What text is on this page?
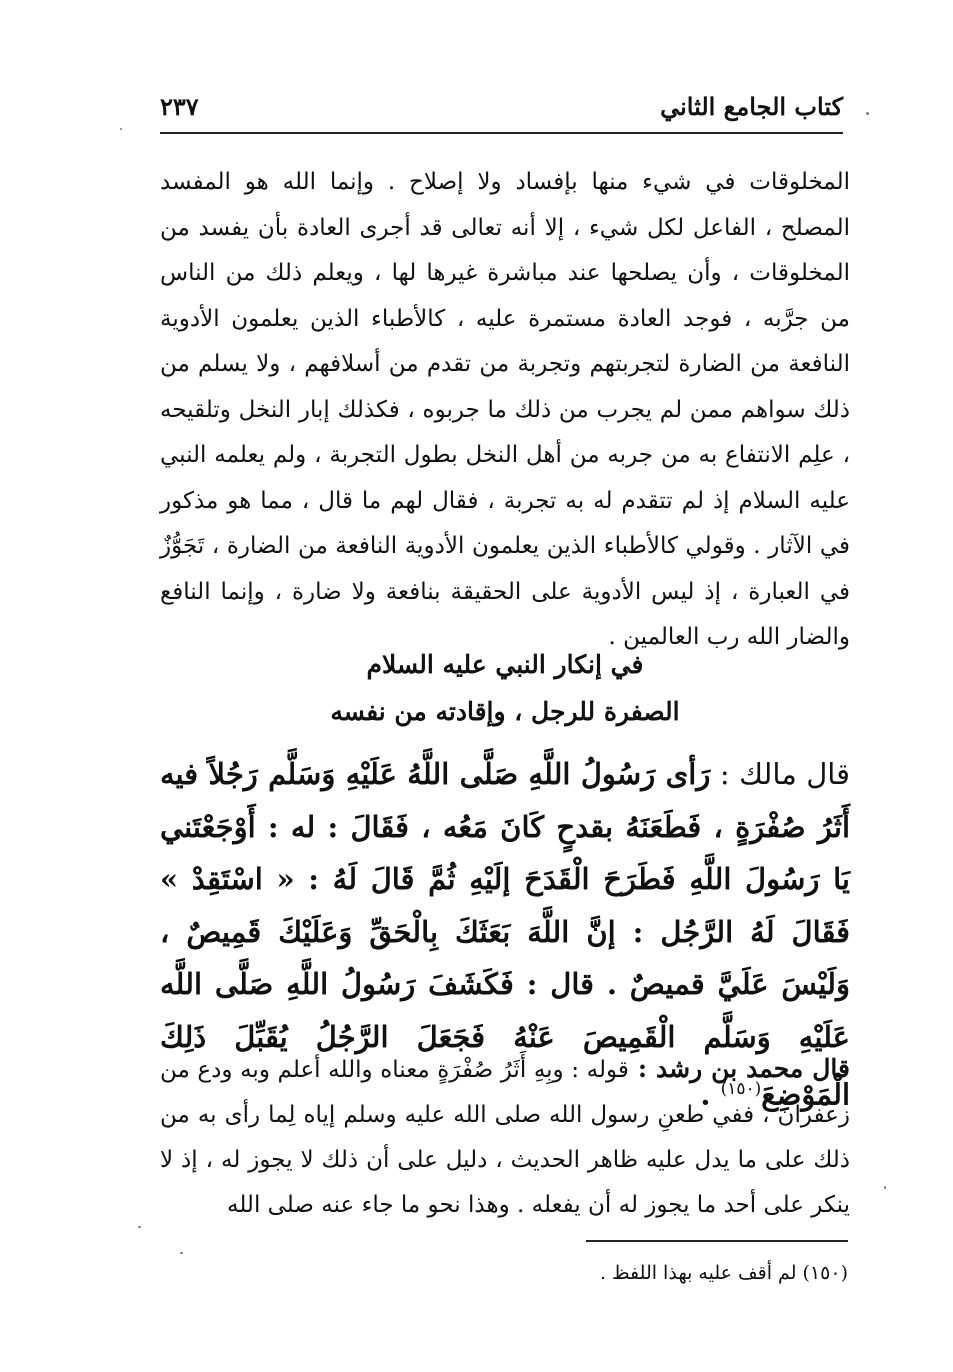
كتاب الجامع الثاني
٢٣٧
المخلوقات في شيء منها بإفساد ولا إصلاح . وإنما الله هو المفسد المصلح ، الفاعل لكل شيء ، إلا أنه تعالى قد أجرى العادة بأن يفسد من المخلوقات ، وأن يصلحها عند مباشرة غيرها لها ، ويعلم ذلك من الناس من جرَّبه ، فوجد العادة مستمرة عليه ، كالأطباء الذين يعلمون الأدوية النافعة من الضارة لتجربتهم وتجربة من تقدم من أسلافهم ، ولا يسلم من ذلك سواهم ممن لم يجرب من ذلك ما جربوه ، فكذلك إبار النخل وتلقيحه ، علِم الانتفاع به من جربه من أهل النخل بطول التجربة ، ولم يعلمه النبي عليه السلام إذ لم تتقدم له به تجربة ، فقال لهم ما قال ، مما هو مذكور في الآثار . وقولي كالأطباء الذين يعلمون الأدوية النافعة من الضارة ، تَجَوُّزٌ في العبارة ، إذ ليس الأدوية على الحقيقة بنافعة ولا ضارة ، وإنما النافع والضار الله رب العالمين .
في إنكار النبي عليه السلام
الصفرة للرجل ، وإقادته من نفسه
قال مالك : رَأى رَسُولُ اللَّهِ صَلَّى اللَّهُ عَلَيْهِ وَسَلَّم رَجُلاً فيه أَثَرُ صُفْرَةٍ ، فَطَعَنَهُ بقدحٍ كَانَ مَعُه ، فَقَالَ : له : أَوْجَعْتَني يَا رَسُولَ اللَّهِ فَطَرَحَ الْقَدَحَ إلَيْهِ ثُمَّ قَالَ لَهُ : « اسْتَقِدْ » فَقَالَ لَهُ الرَّجُل : إنَّ اللَّهَ بَعَثَكَ بِالْحَقِّ وَعَلَيْكَ قَمِيصٌ ، وَلَيْسَ عَلَيَّ قميصٌ . قال : فَكَشَفَ رَسُولُ اللَّهِ صَلَّى اللَّه عَلَيْهِ وَسَلَّم الْقَمِيصَ عَنْهُ فَجَعَلَ الرَّجُلُ يُقَبِّلَ ذَلِكَ الْمَوْضِعَ$^{(١٥٠)}$ .
قال محمد بن رشد : قوله : وبِهِ أَثَرُ صُفْرَةٍ معناه والله أعلم وبه ودع من زعفران ، ففي طعنِ رسول الله صلى الله عليه وسلم إياه لِما رأى به من ذلك على ما يدل عليه ظاهر الحديث ، دليل على أن ذلك لا يجوز له ، إذ لا ينكر على أحد ما يجوز له أن يفعله . وهذا نحو ما جاء عنه صلى الله
(١٥٠) لم أقف عليه بهذا اللفظ .
